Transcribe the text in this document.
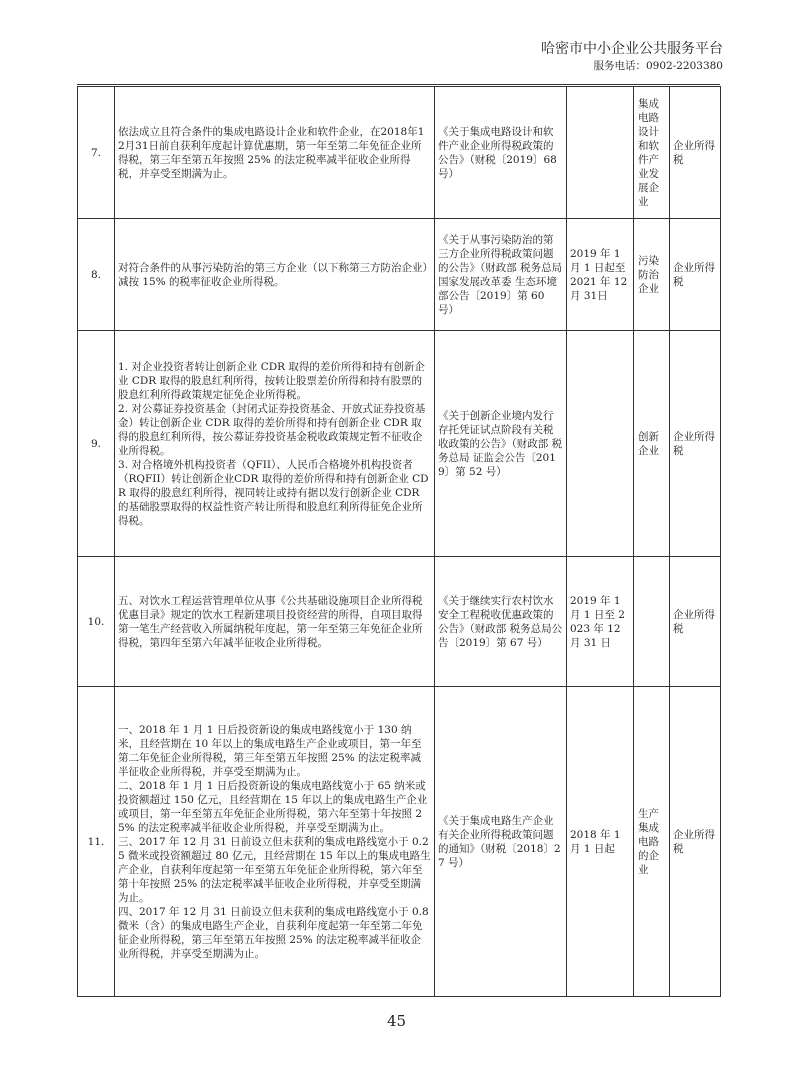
哈密市中小企业公共服务平台
服务电话：0902-2203380
7.	依法成立且符合条件的集成电路设计企业和软件企业，在2018年12月31日前自获利年度起计算优惠期，第一年至第二年免征企业所得税，第三年至第五年按照 25% 的法定税率减半征收企业所得税，并享受至期满为止。	《关于集成电路设计和软件产业企业所得税政策的公告》（财税〔2019〕68 号）		集成电路设计和软件产业发展企业	企业所得税
8.	对符合条件的从事污染防治的第三方企业（以下称第三方防治企业）减按 15% 的税率征收企业所得税。	《关于从事污染防治的第三方企业所得税政策问题的公告》（财政部 税务总局 国家发展改革委 生态环境部公告〔2019〕第 60 号）	2019 年 1 月 1 日起至 2021 年 12 月 31日	污染防治企业	企业所得税
9.	1. 对企业投资者转让创新企业 CDR 取得的差价所得和持有创新企业 CDR 取得的股息红利所得，按转让股票差价所得和持有股票的股息红利所得政策规定征免企业所得税。
2. 对公募证券投资基金（封闭式证券投资基金、开放式证券投资基金）转让创新企业 CDR 取得的差价所得和持有创新企业 CDR 取得的股息红利所得，按公募证券投资基金税收政策规定暂不征收企业所得税。
3. 对合格境外机构投资者（QFII）、人民币合格境外机构投资者（RQFII）转让创新企业CDR 取得的差价所得和持有创新企业 CDR 取得的股息红利所得，视同转让或持有据以发行创新企业 CDR 的基础股票取得的权益性资产转让所得和股息红利所得征免企业所得税。	《关于创新企业境内发行存托凭证试点阶段有关税收政策的公告》（财政部 税务总局 证监会公告〔2019〕第 52 号）		创新企业	企业所得税
10.	五、对饮水工程运营管理单位从事《公共基础设施项目企业所得税优惠目录》规定的饮水工程新建项目投资经营的所得，自项目取得第一笔生产经营收入所属纳税年度起，第一年至第三年免征企业所得税，第四年至第六年减半征收企业所得税。	《关于继续实行农村饮水安全工程税收优惠政策的公告》（财政部 税务总局公告〔2019〕第 67 号）	2019 年 1 月 1 日至 2023 年 12 月 31 日		企业所得税
11.	一、2018 年 1 月 1 日后投资新设的集成电路线宽小于 130 纳米，且经营期在 10 年以上的集成电路生产企业或项目，第一年至第二年免征企业所得税，第三年至第五年按照 25% 的法定税率减半征收企业所得税，并享受至期满为止。
二、2018 年 1 月 1 日后投资新设的集成电路线宽小于 65 纳米或投资额超过 150 亿元，且经营期在 15 年以上的集成电路生产企业或项目，第一年至第五年免征企业所得税，第六年至第十年按照 25% 的法定税率减半征收企业所得税，并享受至期满为止。
三、2017 年 12 月 31 日前设立但未获利的集成电路线宽小于 0.25 微米或投资额超过 80 亿元，且经营期在 15 年以上的集成电路生产企业，自获利年度起第一年至第五年免征企业所得税，第六年至第十年按照 25% 的法定税率减半征收企业所得税，并享受至期满为止。
四、2017 年 12 月 31 日前设立但未获利的集成电路线宽小于 0.8 微米（含）的集成电路生产企业，自获利年度起第一年至第二年免征企业所得税，第三年至第五年按照 25% 的法定税率减半征收企业所得税，并享受至期满为止。	《关于集成电路生产企业有关企业所得税政策问题的通知》（财税〔2018〕27 号）	2018 年 1 月 1 日起	生产集成电路的企业	企业所得税
45
